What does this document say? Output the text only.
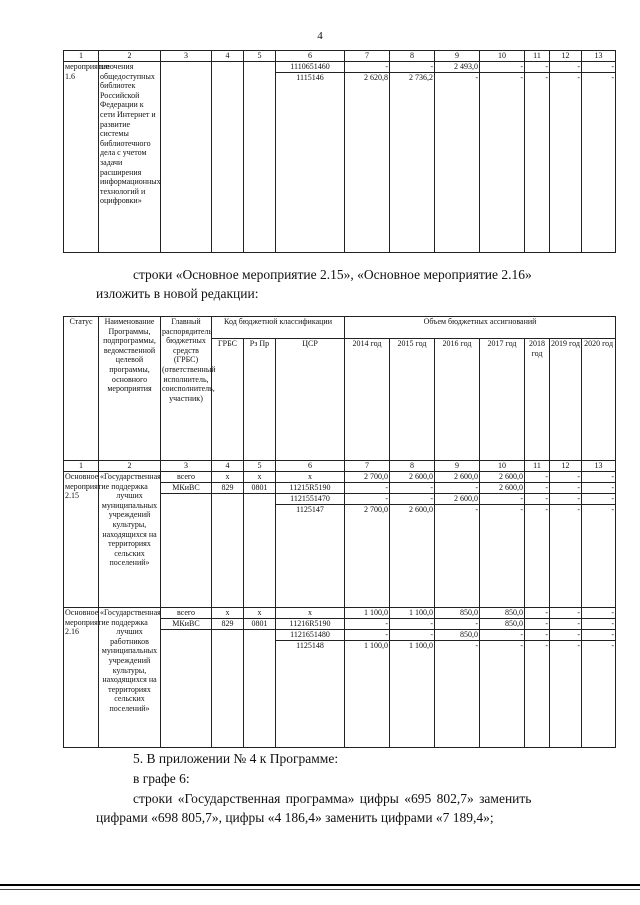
4
1	2	3	4	5	6	7	8	9	10	11	12	13
мероприятие 1.6	ключения общедоступных библиотек Российской Федерации к сети Интернет и развитие системы библиотечного дела с учетом задачи расширения информационных технологий и оцифровки»				1110651460	-	-	2 493,0	-	-	-	-
					1115146	2 620,8	2 736,2	-	-	-	-	-
строки «Основное мероприятие 2.15», «Основное мероприятие 2.16»
изложить в новой редакции:
Статус	Наименование Программы, подпрограммы, ведомственной целевой программы, основного мероприятия	Главный распорядитель бюджетных средств (ГРБС) (ответственный исполнитель, соисполнитель, участник)	Код бюджетной классификации			Объем бюджетных ассигнований						
			ГРБС	Рз Пр	ЦСР	2014 год	2015 год	2016 год	2017 год	2018 год	2019 год	2020 год
1	2	3	4	5	6	7	8	9	10	11	12	13
Основное мероприятие 2.15	«Государственная поддержка лучших муниципальных учреждений культуры, находящихся на территориях сельских поселений»	всего	х	х	х	2 700,0	2 600,0	2 600,0	2 600,0	-	-	-
		МКиВС	829	0801	11215R5190	-	-	-	2 600,0	-	-	-
					1121551470	-	-	2 600,0	-	-	-	-
					1125147	2 700,0	2 600,0	-	-	-	-	-
Основное мероприятие 2.16	«Государственная поддержка лучших работников муниципальных учреждений культуры, находящихся на территориях сельских поселений»	всего	х	х	х	1 100,0	1 100,0	850,0	850,0	-	-	-
		МКиВС	829	0801	11216R5190	-	-	-	850,0	-	-	-
					1121651480	-	-	850,0	-	-	-	-
					1125148	1 100,0	1 100,0	-	-	-	-	-
5. В приложении № 4 к Программе:
в графе 6:
строки «Государственная программа» цифры «695 802,7» заменить
цифрами «698 805,7», цифры «4 186,4» заменить цифрами «7 189,4»;
